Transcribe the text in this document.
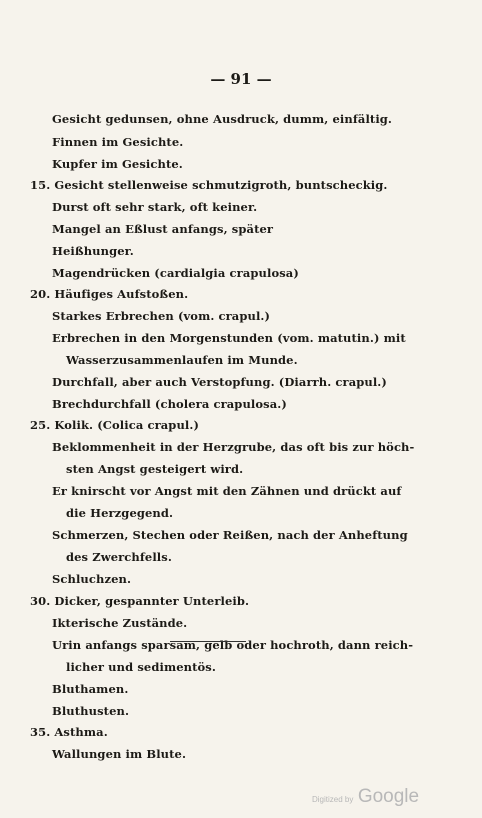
— 91 —
Gesicht gedunsen, ohne Ausdruck, dumm, einfältig.
Finnen im Gesichte.
Kupfer im Gesichte.
15. Gesicht stellenweise schmutzigroth, buntscheckig.
Durst oft sehr stark, oft keiner.
Mangel an Eßlust anfangs, später
Heißhunger.
Magendrücken (cardialgia crapulosa)
20. Häufiges Aufstoßen.
Starkes Erbrechen (vom. crapul.)
Erbrechen in den Morgenstunden (vom. matutin.) mit
Wasserzusammenlaufen im Munde.
Durchfall, aber auch Verstopfung. (Diarrh. crapul.)
Brechdurchfall (cholera crapulosa.)
25. Kolik. (Colica crapul.)
Beklommenheit in der Herzgrube, das oft bis zur höch-
sten Angst gesteigert wird.
Er knirscht vor Angst mit den Zähnen und drückt auf
die Herzgegend.
Schmerzen, Stechen oder Reißen, nach der Anheftung
des Zwerchfells.
Schluchzen.
30. Dicker, gespannter Unterleib.
Ikterische Zustände.
Urin anfangs sparsam, gelb oder hochroth, dann reich-
licher und sedimentös.
Bluthamen.
Bluthusten.
35. Asthma.
Wallungen im Blute.
Digitized by Google
